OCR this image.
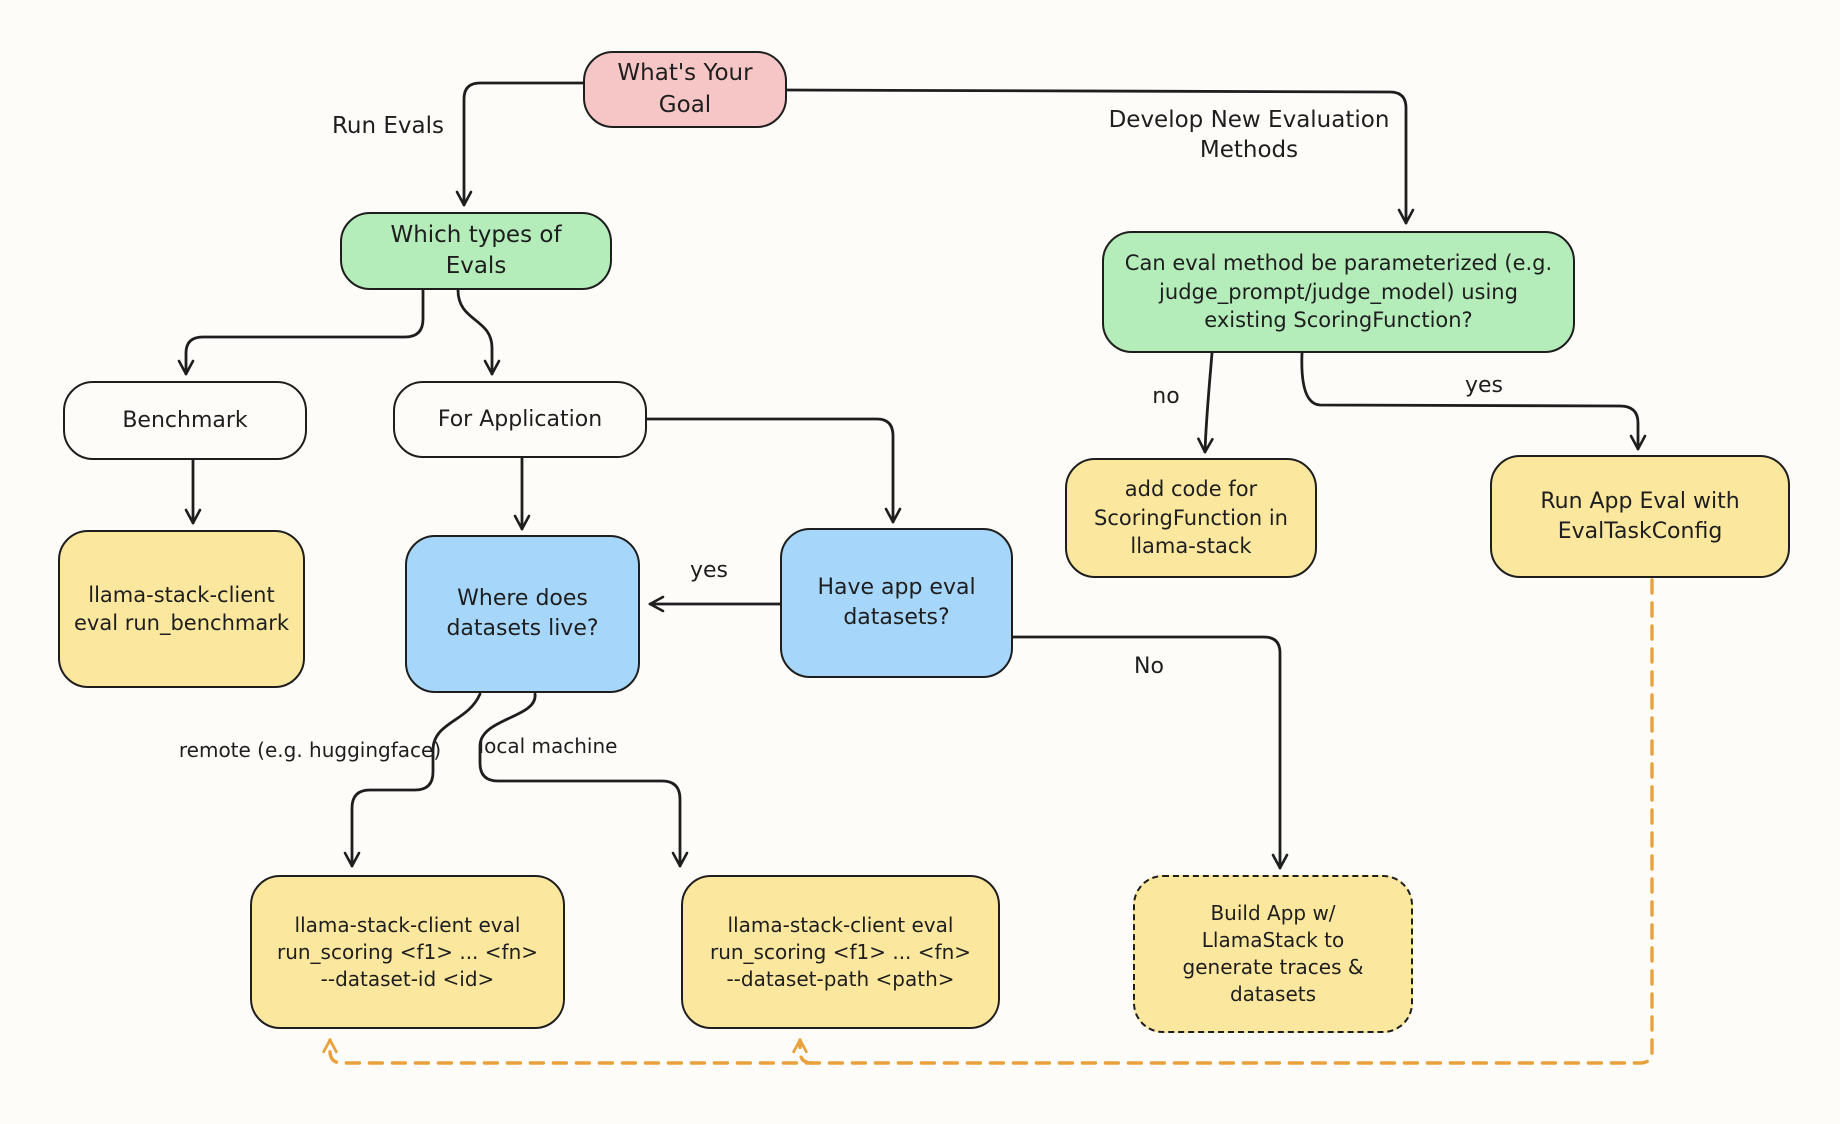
What's Your
Goal
Which types of
Evals	Can eval method be parameterized (e.g.
judge_prompt/judge_model) using
existing ScoringFunction?
Benchmark	For Application
llama-stack-client
eval run_benchmark
Where does
datasets live?
Have app eval
datasets?
add code for
ScoringFunction in
llama-stack
Run App Eval with
EvalTaskConfig
llama-stack-client eval
run_scoring <f1> ... <fn>
--dataset-id <id>
llama-stack-client eval
run_scoring <f1> ... <fn>
--dataset-path <path>
Build App w/
LlamaStack to
generate traces &
datasets
Run Evals	Develop New Evaluation
Methods
yes
No
no	yes
remote (e.g. huggingface) local machine
